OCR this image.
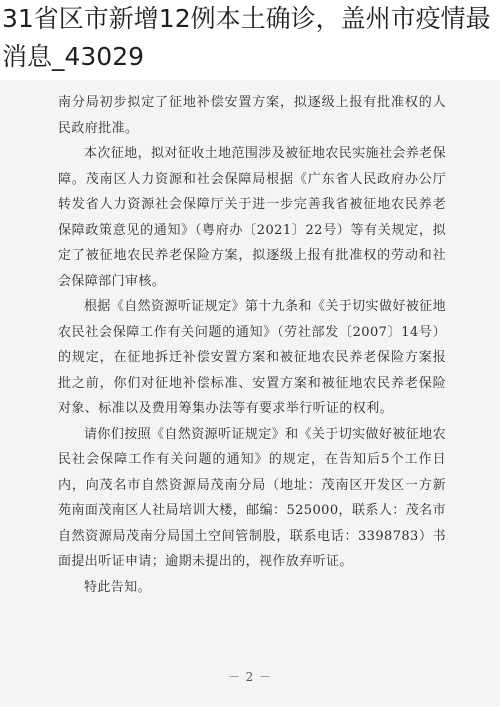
31省区市新增12例本土确诊，盖州市疫情最消息_43029

南分局初步拟定了征地补偿安置方案，拟逐级上报有批准权的人民政府批准。

本次征地，拟对征收土地范围涉及被征地农民实施社会养老保障。茂南区人力资源和社会保障局根据《广东省人民政府办公厅转发省人力资源社会保障厅关于进一步完善我省被征地农民养老保障政策意见的通知》（粤府办〔2021〕22号）等有关规定，拟定了被征地农民养老保险方案，拟逐级上报有批准权的劳动和社会保障部门审核。

根据《自然资源听证规定》第十九条和《关于切实做好被征地农民社会保障工作有关问题的通知》（劳社部发〔2007〕14号）的规定，在征地拆迁补偿安置方案和被征地农民养老保险方案报批之前，你们对征地补偿标准、安置方案和被征地农民养老保险对象、标准以及费用筹集办法等有要求举行听证的权利。

请你们按照《自然资源听证规定》和《关于切实做好被征地农民社会保障工作有关问题的通知》的规定，在告知后5个工作日内，向茂名市自然资源局茂南分局（地址：茂南区开发区一方新苑南面茂南区人社局培训大楼，邮编：525000，联系人：茂名市自然资源局茂南分局国土空间管制股，联系电话：3398783）书面提出听证申请；逾期未提出的，视作放弃听证。

特此告知。

－ 2 －
